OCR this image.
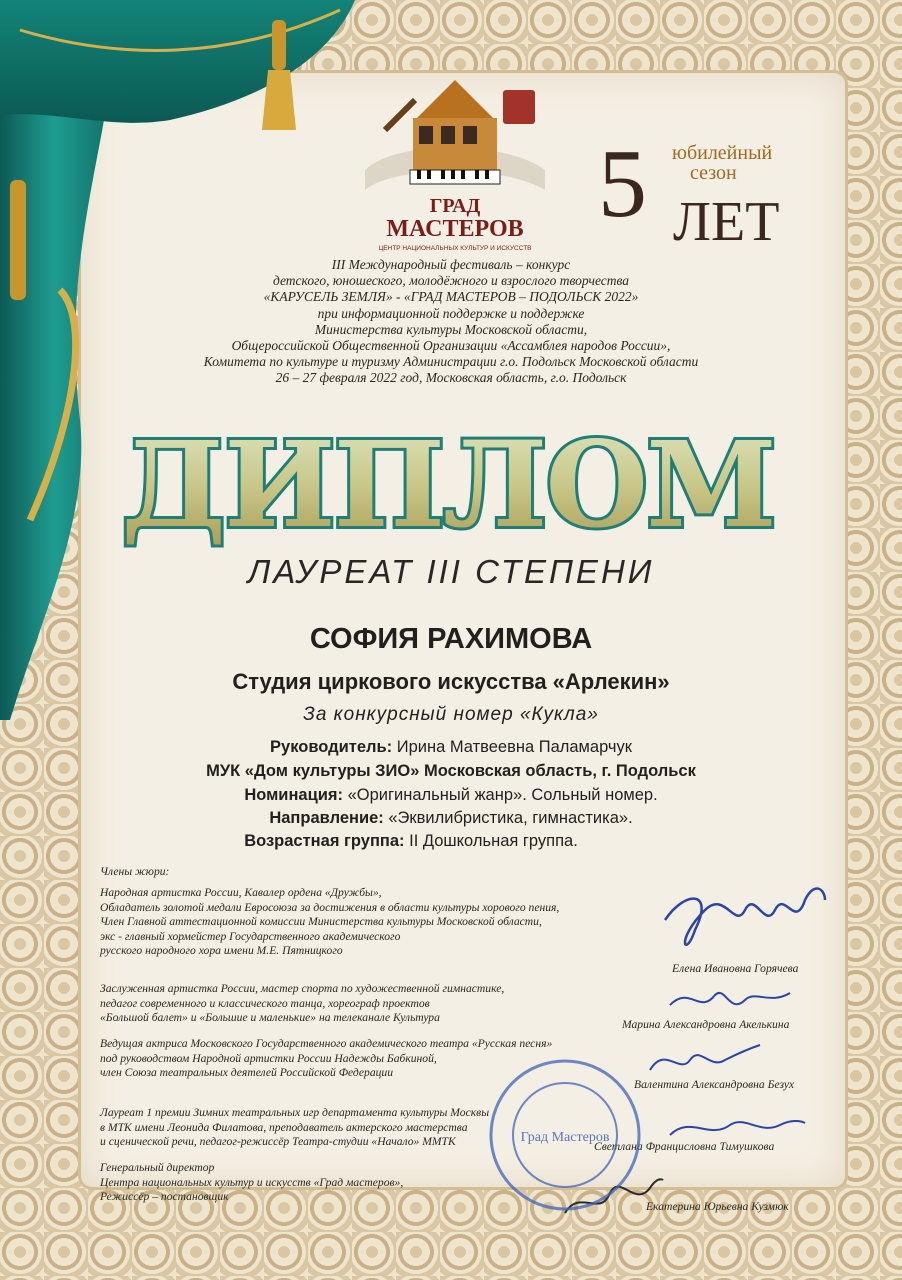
ГРАД
МАСТЕРОВ
ЦЕНТР НАЦИОНАЛЬНЫХ КУЛЬТУР И ИСКУССТВ
5 ЛЕТ
юбилейный
сезон
III Международный фестиваль – конкурс
детского, юношеского, молодёжного и взрослого творчества
«КАРУСЕЛЬ ЗЕМЛЯ» - «ГРАД МАСТЕРОВ – ПОДОЛЬСК 2022»
при информационной поддержке и поддержке
Министерства культуры Московской области,
Общероссийской Общественной Организации «Ассамблея народов России»,
Комитета по культуре и туризму Администрации г.о. Подольск Московской области
26 – 27 февраля 2022 год, Московская область, г.о. Подольск
ДИПЛОМ
ЛАУРЕАТ III СТЕПЕНИ
СОФИЯ РАХИМОВА
Студия циркового искусства «Арлекин»
За конкурсный номер «Кукла»
Руководитель: Ирина Матвеевна Паламарчук
МУК «Дом культуры ЗИО» Московская область, г. Подольск
Номинация: «Оригинальный жанр». Сольный номер.
Направление: «Эквилибристика, гимнастика».
Возрастная группа: II Дошкольная группа.
Члены жюри:
Народная артистка России, Кавалер ордена «Дружбы»,
Обладатель золотой медали Евросоюза за достижения в области культуры хорового пения,
Член Главной аттестационной комиссии Министерства культуры Московской области,
экс - главный хормейстер Государственного академического
русского народного хора имени М.Е. Пятницкого
Елена Ивановна Горячева
Заслуженная артистка России, мастер спорта по художественной гимнастике,
педагог современного и классического танца, хореограф проектов
«Большой балет» и «Большие и маленькие» на телеканале Культура
Марина Александровна Акелькина
Ведущая актриса Московского Государственного академического театра «Русская песня»
под руководством Народной артистки России Надежды Бабкиной,
член Союза театральных деятелей Российской Федерации
Валентина Александровна Безух
Лауреат 1 премии Зимних театральных игр департамента культуры Москвы
в МТК имени Леонида Филатова, преподаватель актерского мастерства
и сценической речи, педагог-режиссёр Театра-студии «Начало» ММТК	Светлана Францисловна Тимушкова
Генеральный директор
Центра национальных культур и искусств «Град мастеров»,
Режиссёр – постановщик
Екатерина Юрьевна Кузмюк
Град Мастеров
